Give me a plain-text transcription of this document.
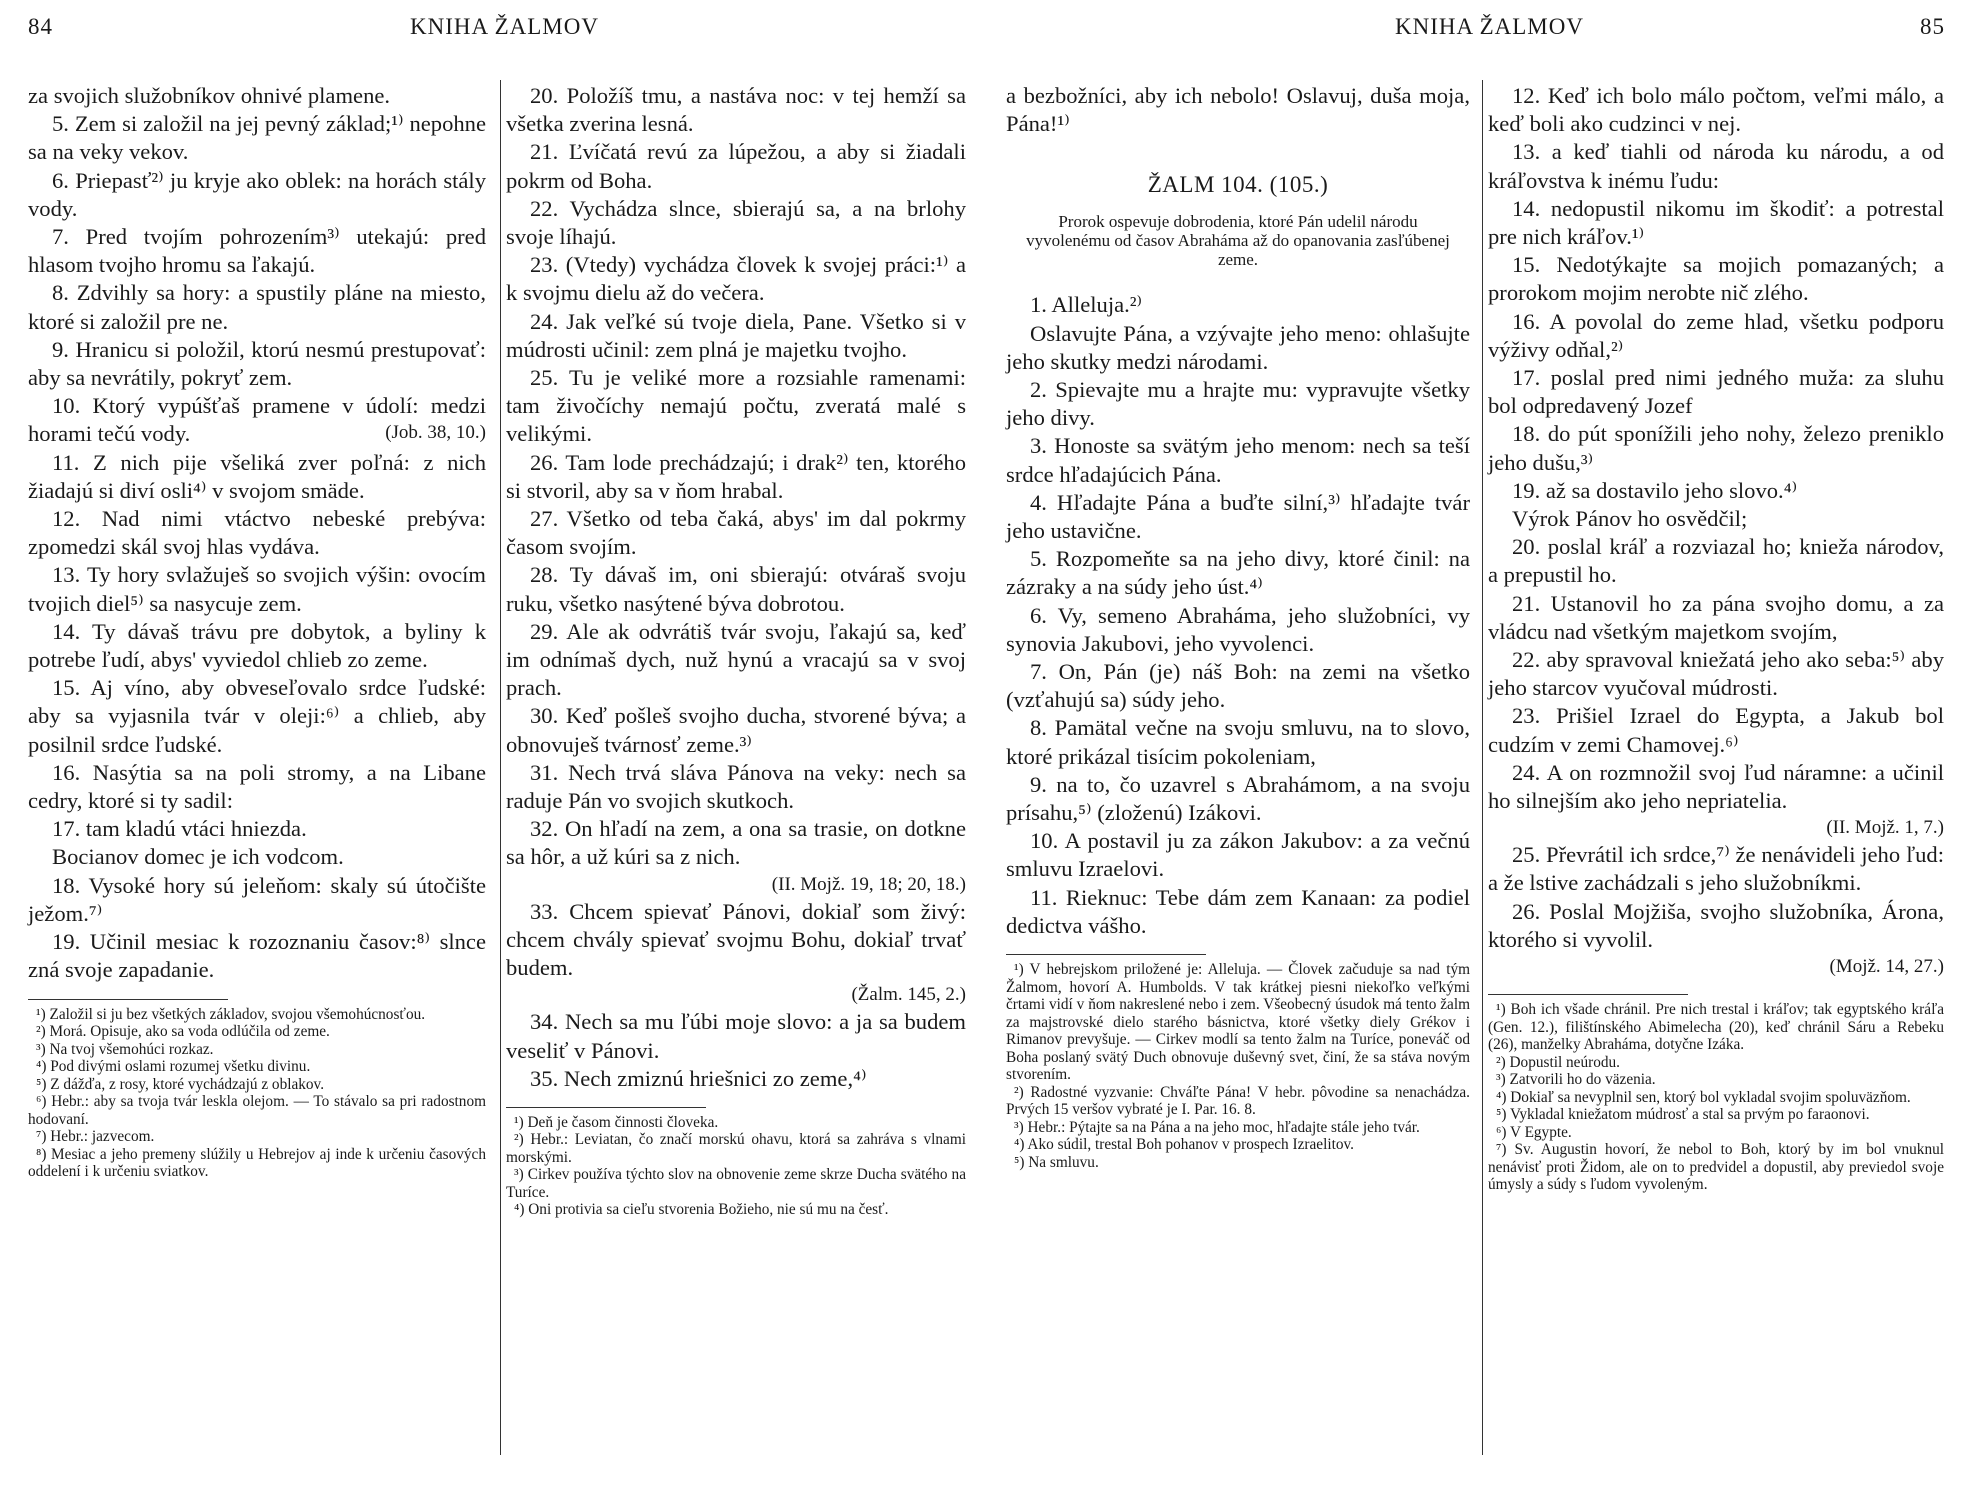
84	KNIHA ŽALMOV	KNIHA ŽALMOV	85

za svojich služobníkov ohnivé plamene.

5. Zem si založil na jej pevný základ;¹⁾ nepohne sa na veky vekov.

6. Priepasť²⁾ ju kryje ako oblek: na horách stály vody.

7. Pred tvojím pohrozením³⁾ utekajú: pred hlasom tvojho hromu sa ľakajú.

8. Zdvihly sa hory: a spustily pláne na miesto, ktoré si založil pre ne.

9. Hranicu si položil, ktorú nesmú prestupovať: aby sa nevrátily, pokryť zem.

10. Ktorý vypúšťaš pramene v údolí: medzi horami tečú vody.

11. Z nich pije všeliká zver poľná: z nich žiadajú si diví osli⁴⁾ v svojom smäde.

12. Nad nimi vtáctvo nebeské prebýva: zpomedzi skál svoj hlas vydáva.

13. Ty hory svlažuješ so svojich výšin: ovocím tvojich diel⁵⁾ sa nasycuje zem.

14. Ty dávaš trávu pre dobytok, a byliny k potrebe ľudí, abys' vyviedol chlieb zo zeme.

15. Aj víno, aby obveseľovalo srdce ľudské: aby sa vyjasnila tvár v oleji:⁶⁾ a chlieb, aby posilnil srdce ľudské.

16. Nasýtia sa na poli stromy, a na Libane cedry, ktoré si ty sadil:

17. tam kladú vtáci hniezda.

Bocianov domec je ich vodcom.

18. Vysoké hory sú jeleňom: skaly sú útočište ježom.⁷⁾

19. Učinil mesiac k rozoznaniu časov:⁸⁾ slnce zná svoje zapadanie.

(Job. 38, 10.)

¹) Založil si ju bez všetkých základov, svojou všemohúcnosťou.

²) Morá. Opisuje, ako sa voda odlúčila od zeme.

³) Na tvoj všemohúci rozkaz.

⁴) Pod divými oslami rozumej všetku divinu.

⁵) Z dážďa, z rosy, ktoré vychádzajú z oblakov.

⁶) Hebr.: aby sa tvoja tvár leskla olejom. — To stávalo sa pri radostnom hodovaní.

⁷) Hebr.: jazvecom.

⁸) Mesiac a jeho premeny slúžily u Hebrejov aj inde k určeniu časových oddelení i k určeniu sviatkov.

20. Položíš tmu, a nastáva noc: v tej hemží sa všetka zverina lesná.

21. Ľvíčatá revú za lúpežou, a aby si žiadali pokrm od Boha.

22. Vychádza slnce, sbierajú sa, a na brlohy svoje líhajú.

23. (Vtedy) vychádza človek k svojej práci:¹⁾ a k svojmu dielu až do večera.

24. Jak veľké sú tvoje diela, Pane. Všetko si v múdrosti učinil: zem plná je majetku tvojho.

25. Tu je veliké more a rozsiahle ramenami: tam živočíchy nemajú počtu, zveratá malé s velikými.

26. Tam lode prechádzajú; i drak²⁾ ten, ktorého si stvoril, aby sa v ňom hrabal.

27. Všetko od teba čaká, abys' im dal pokrmy časom svojím.

28. Ty dávaš im, oni sbierajú: otváraš svoju ruku, všetko nasýtené býva dobrotou.

29. Ale ak odvrátiš tvár svoju, ľakajú sa, keď im odnímaš dych, nuž hynú a vracajú sa v svoj prach.

30. Keď pošleš svojho ducha, stvorené býva; a obnovuješ tvárnosť zeme.³⁾

31. Nech trvá sláva Pánova na veky: nech sa raduje Pán vo svojich skutkoch.

32. On hľadí na zem, a ona sa trasie, on dotkne sa hôr, a už kúri sa z nich.

(II. Mojž. 19, 18; 20, 18.)

33. Chcem spievať Pánovi, dokiaľ som živý: chcem chvály spievať svojmu Bohu, dokiaľ trvať budem.

(Žalm. 145, 2.)

34. Nech sa mu ľúbi moje slovo: a ja sa budem veseliť v Pánovi.

35. Nech zmiznú hriešnici zo zeme,⁴⁾

¹) Deň je časom činnosti človeka.

²) Hebr.: Leviatan, čo značí morskú ohavu, ktorá sa zahráva s vlnami morskými.

³) Cirkev používa týchto slov na obnovenie zeme skrze Ducha svätého na Turíce.

⁴) Oni protivia sa cieľu stvorenia Božieho, nie sú mu na česť.

a bezbožníci, aby ich nebolo! Oslavuj, duša moja, Pána!¹⁾

ŽALM 104. (105.)
Prorok ospevuje dobrodenia, ktoré Pán udelil národu vyvolenému od časov Abraháma až do opanovania zasľúbenej zeme.

1. Alleluja.²⁾

Oslavujte Pána, a vzývajte jeho meno: ohlašujte jeho skutky medzi národami.

2. Spievajte mu a hrajte mu: vypravujte všetky jeho divy.

3. Honoste sa svätým jeho menom: nech sa teší srdce hľadajúcich Pána.

4. Hľadajte Pána a buďte silní,³⁾ hľadajte tvár jeho ustavične.

5. Rozpomeňte sa na jeho divy, ktoré činil: na zázraky a na súdy jeho úst.⁴⁾

6. Vy, semeno Abraháma, jeho služobníci, vy synovia Jakubovi, jeho vyvolenci.

7. On, Pán (je) náš Boh: na zemi na všetko (vzťahujú sa) súdy jeho.

8. Pamätal večne na svoju smluvu, na to slovo, ktoré prikázal tisícim pokoleniam,

9. na to, čo uzavrel s Abrahámom, a na svoju prísahu,⁵⁾ (zloženú) Izákovi.

10. A postavil ju za zákon Jakubov: a za večnú smluvu Izraelovi.

11. Rieknuc: Tebe dám zem Kanaan: za podiel dedictva vášho.

¹) V hebrejskom priložené je: Alleluja. — Človek začuduje sa nad tým Žalmom, hovorí A. Humbolds. V tak krátkej piesni niekoľko veľkými črtami vidí v ňom nakreslené nebo i zem. Všeobecný úsudok má tento žalm za majstrovské dielo starého básnictva, ktoré všetky diely Grékov i Rimanov prevyšuje. — Cirkev modlí sa tento žalm na Turíce, poneváč od Boha poslaný svätý Duch obnovuje duševný svet, činí, že sa stáva novým stvorením.

²) Radostné vyzvanie: Chváľte Pána! V hebr. pôvodine sa nenachádza. Prvých 15 veršov vybraté je I. Par. 16. 8.

³) Hebr.: Pýtajte sa na Pána a na jeho moc, hľadajte stále jeho tvár.

⁴) Ako súdil, trestal Boh pohanov v prospech Izraelitov.

⁵) Na smluvu.

12. Keď ich bolo málo počtom, veľmi málo, a keď boli ako cudzinci v nej.

13. a keď tiahli od národa ku národu, a od kráľovstva k inému ľudu:

14. nedopustil nikomu im škodiť: a potrestal pre nich kráľov.¹⁾

15. Nedotýkajte sa mojich pomazaných; a prorokom mojim nerobte nič zlého.

16. A povolal do zeme hlad, všetku podporu výživy odňal,²⁾

17. poslal pred nimi jedného muža: za sluhu bol odpredavený Jozef

18. do pút sponížili jeho nohy, železo preniklo jeho dušu,³⁾

19. až sa dostavilo jeho slovo.⁴⁾

Výrok Pánov ho osvědčil;

20. poslal kráľ a rozviazal ho; knieža národov, a prepustil ho.

21. Ustanovil ho za pána svojho domu, a za vládcu nad všetkým majetkom svojím,

22. aby spravoval kniežatá jeho ako seba:⁵⁾ aby jeho starcov vyučoval múdrosti.

23. Prišiel Izrael do Egypta, a Jakub bol cudzím v zemi Chamovej.⁶⁾

24. A on rozmnožil svoj ľud náramne: a učinil ho silnejším ako jeho nepriatelia.

(II. Mojž. 1, 7.)

25. Převrátil ich srdce,⁷⁾ že nenávideli jeho ľud: a že lstive zachádzali s jeho služobníkmi.

26. Poslal Mojžiša, svojho služobníka, Árona, ktorého si vyvolil.

(Mojž. 14, 27.)

¹) Boh ich všade chránil. Pre nich trestal i kráľov; tak egyptského kráľa (Gen. 12.), filištínského Abimelecha (20), keď chránil Sáru a Rebeku (26), manželky Abraháma, dotyčne Izáka.

²) Dopustil neúrodu.

³) Zatvorili ho do väzenia.

⁴) Dokiaľ sa nevyplnil sen, ktorý bol vykladal svojim spoluväzňom.

⁵) Vykladal kniežatom múdrosť a stal sa prvým po faraonovi.

⁶) V Egypte.

⁷) Sv. Augustin hovorí, že nebol to Boh, ktorý by im bol vnuknul nenávisť proti Židom, ale on to predvidel a dopustil, aby previedol svoje úmysly a súdy s ľudom vyvoleným.
